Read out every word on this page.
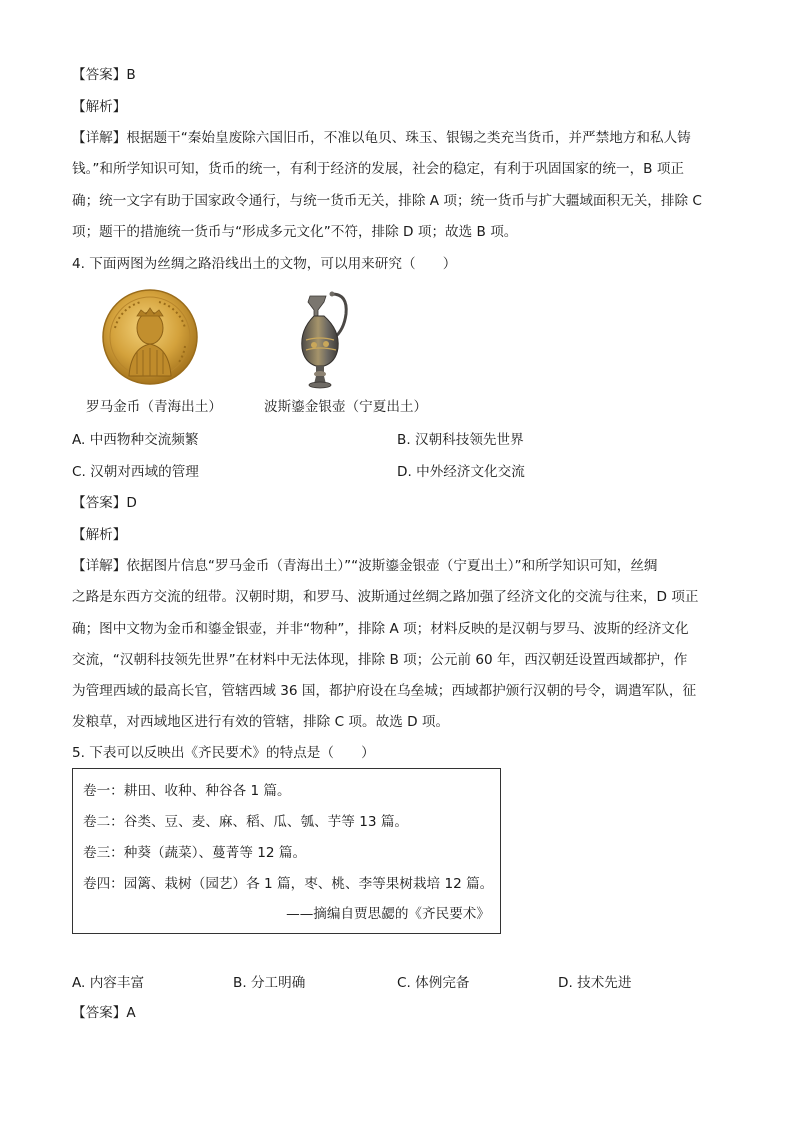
【答案】B
【解析】
【详解】根据题干“秦始皇废除六国旧币，不准以龟贝、珠玉、银锡之类充当货币，并严禁地方和私人铸
钱。”和所学知识可知，货币的统一，有利于经济的发展，社会的稳定，有利于巩固国家的统一，B 项正
确；统一文字有助于国家政令通行，与统一货币无关，排除 A 项；统一货币与扩大疆域面积无关，排除 C
项；题干的措施统一货币与“形成多元文化”不符，排除 D 项；故选 B 项。
4. 下面两图为丝绸之路沿线出土的文物，可以用来研究（　　）
罗马金币（青海出土）	波斯鎏金银壶（宁夏出土）
A. 中西物种交流频繁	B. 汉朝科技领先世界
C. 汉朝对西域的管理	D. 中外经济文化交流
【答案】D
【解析】
【详解】依据图片信息“罗马金币（青海出土）”“波斯鎏金银壶（宁夏出土）”和所学知识可知，丝绸
之路是东西方交流的纽带。汉朝时期，和罗马、波斯通过丝绸之路加强了经济文化的交流与往来，D 项正
确；图中文物为金币和鎏金银壶，并非“物种”，排除 A 项；材料反映的是汉朝与罗马、波斯的经济文化
交流，“汉朝科技领先世界”在材料中无法体现，排除 B 项；公元前 60 年，西汉朝廷设置西域都护，作
为管理西域的最高长官，管辖西域 36 国，都护府设在乌垒城；西域都护颁行汉朝的号令，调遣军队，征
发粮草，对西域地区进行有效的管辖，排除 C 项。故选 D 项。
5. 下表可以反映出《齐民要术》的特点是（　　）
卷一：耕田、收种、种谷各 1 篇。
卷二：谷类、豆、麦、麻、稻、瓜、瓠、芋等 13 篇。
卷三：种葵（蔬菜）、蔓菁等 12 篇。
卷四：园篱、栽树（园艺）各 1 篇，枣、桃、李等果树栽培 12 篇。
——摘编自贾思勰的《齐民要术》
A. 内容丰富	B. 分工明确	C. 体例完备	D. 技术先进
【答案】A
